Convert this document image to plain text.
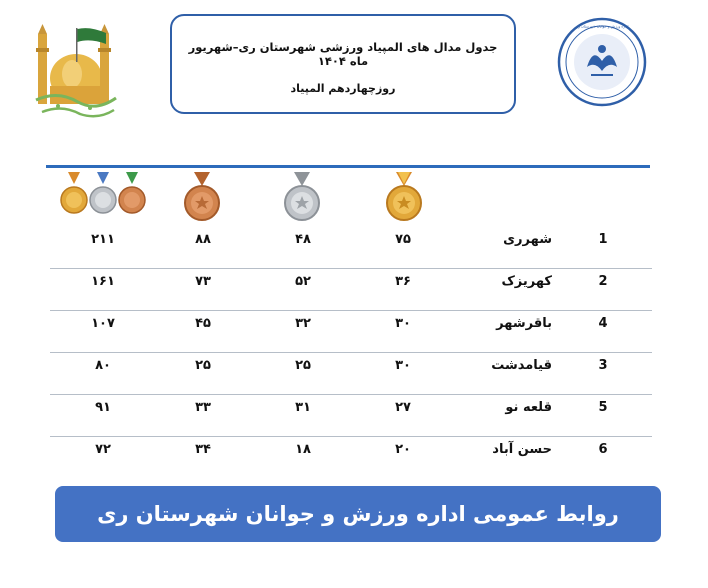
جدول مدال های المپیاد ورزشی شهرستان ری–شهریور ماه ۱۴۰۴
روزچهاردهم المپیاد
اداره ورزش و جوانان شهرستان ری
1
شهرری
۷۵
۴۸
۸۸
۲۱۱
2
کهریزک
۳۶
۵۲
۷۳
۱۶۱
4
باقرشهر
۳۰
۳۲
۴۵
۱۰۷
3
قیامدشت
۳۰
۲۵
۲۵
۸۰
5
قلعه نو
۲۷
۳۱
۳۳
۹۱
6
حسن آباد
۲۰
۱۸
۳۴
۷۲
روابط عمومی اداره ورزش و جوانان شهرستان ری
